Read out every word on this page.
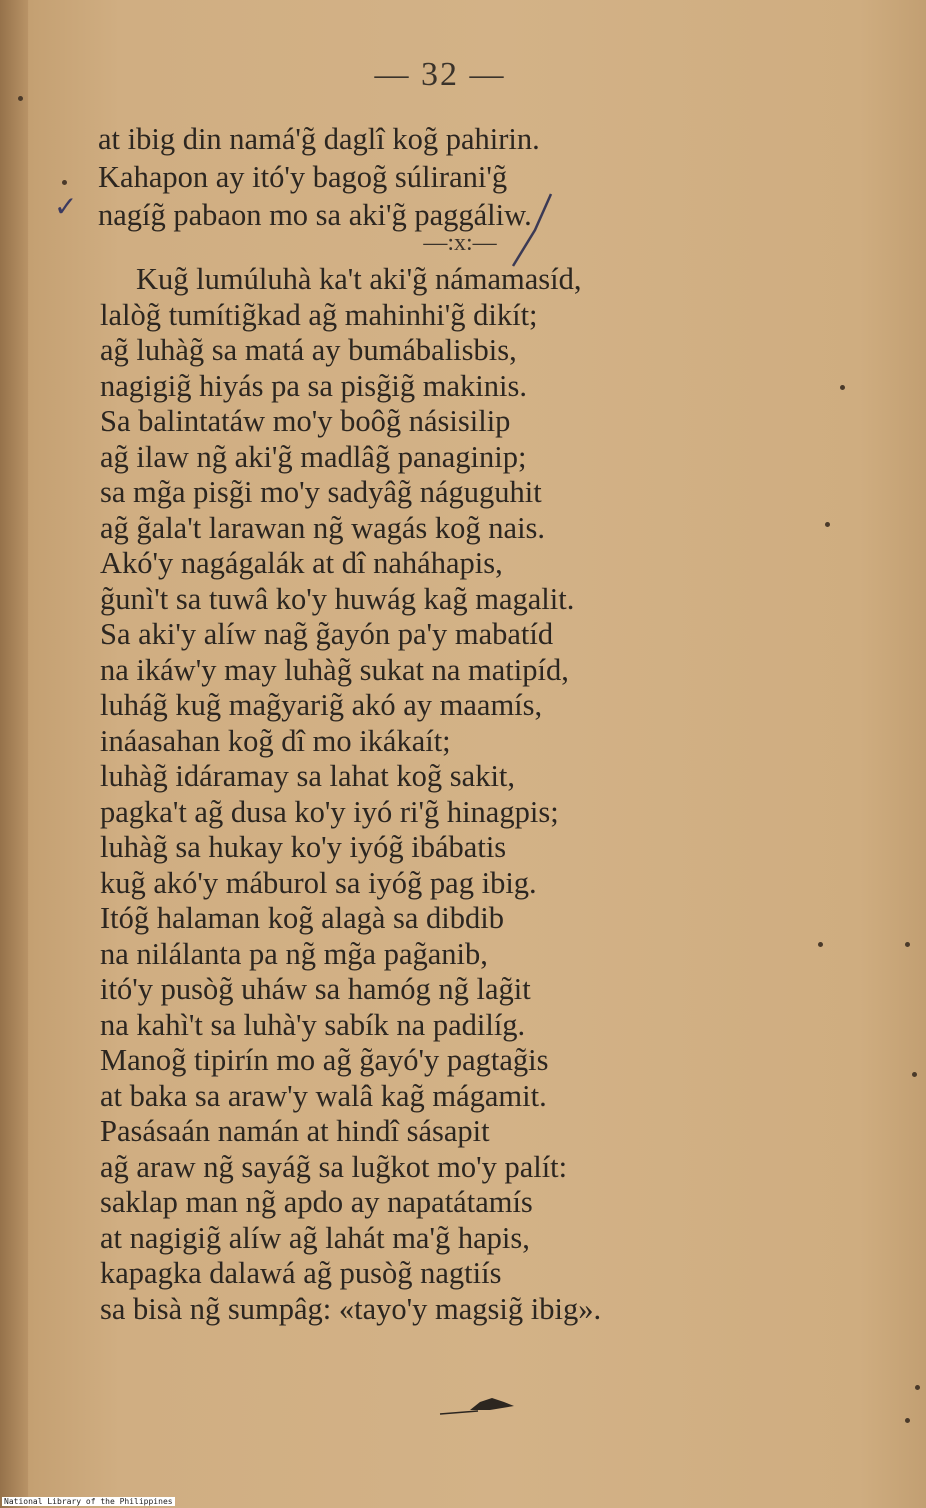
— 32 —
✓
at ibig din namá'g̃ daglî kog̃ pahirin.
Kahapon ay itó'y bagog̃ súlirani'g̃
nagíg̃ pabaon mo sa aki'g̃ paggáliw.
—:x:—
Kug̃ lumúluhà ka't aki'g̃ námamasíd,
lalòg̃ tumítig̃kad ag̃ mahinhi'g̃ dikít;
ag̃ luhàg̃ sa matá ay bumábalisbis,
nagigig̃ hiyás pa sa pisg̃ig̃ makinis.
Sa balintatáw mo'y boôg̃ násisilip
ag̃ ilaw ng̃ aki'g̃ madlâg̃ panaginip;
sa mg̃a pisg̃i mo'y sadyâg̃ náguguhit
ag̃ g̃ala't larawan ng̃ wagás kog̃ nais.
Akó'y nagágalák at dî naháhapis,
g̃unì't sa tuwâ ko'y huwág kag̃ magalit.
Sa aki'y alíw nag̃ g̃ayón pa'y mabatíd
na ikáw'y may luhàg̃ sukat na matipíd,
luhág̃ kug̃ mag̃yarig̃ akó ay maamís,
ináasahan kog̃ dî mo ikákaít;
luhàg̃ idáramay sa lahat kog̃ sakit,
pagka't ag̃ dusa ko'y iyó ri'g̃ hinagpis;
luhàg̃ sa hukay ko'y iyóg̃ ibábatis
kug̃ akó'y máburol sa iyóg̃ pag ibig.
Itóg̃ halaman kog̃ alagà sa dibdib
na nilálanta pa ng̃ mg̃a pag̃anib,
itó'y pusòg̃ uháw sa hamóg ng̃ lag̃it
na kahì't sa luhà'y sabík na padilíg.
Manog̃ tipirín mo ag̃ g̃ayó'y pagtag̃is
at baka sa araw'y walâ kag̃ mágamit.
Pasásaán namán at hindî sásapit
ag̃ araw ng̃ sayág̃ sa lug̃kot mo'y palít:
saklap man ng̃ apdo ay napatátamís
at nagigig̃ alíw ag̃ lahát ma'g̃ hapis,
kapagka dalawá ag̃ pusòg̃ nagtiís
sa bisà ng̃ sumpâg: «tayo'y magsig̃ ibig».
National Library of the Philippines
